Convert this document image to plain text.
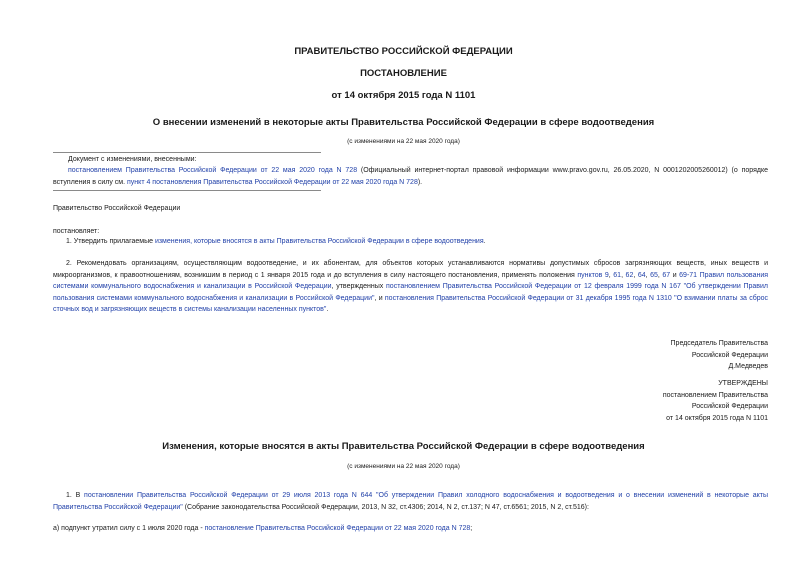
ПРАВИТЕЛЬСТВО РОССИЙСКОЙ ФЕДЕРАЦИИ
ПОСТАНОВЛЕНИЕ
от 14 октября 2015 года N 1101
О внесении изменений в некоторые акты Правительства Российской Федерации в сфере водоотведения
(с изменениями на 22 мая 2020 года)
Документ с изменениями, внесенными:
постановлением Правительства Российской Федерации от 22 мая 2020 года N 728 (Официальный интернет-портал правовой информации www.pravo.gov.ru, 26.05.2020, N 0001202005260012) (о порядке вступления в силу см. пункт 4 постановления Правительства Российской Федерации от 22 мая 2020 года N 728).
Правительство Российской Федерации
постановляет:
1. Утвердить прилагаемые изменения, которые вносятся в акты Правительства Российской Федерации в сфере водоотведения.
2. Рекомендовать организациям, осуществляющим водоотведение, и их абонентам, для объектов которых устанавливаются нормативы допустимых сбросов загрязняющих веществ, иных веществ и микроорганизмов, к правоотношениям, возникшим в период с 1 января 2015 года и до вступления в силу настоящего постановления, применять положения пунктов 9, 61, 62, 64, 65, 67 и 69-71 Правил пользования системами коммунального водоснабжения и канализации в Российской Федерации, утвержденных постановлением Правительства Российской Федерации от 12 февраля 1999 года N 167 "Об утверждении Правил пользования системами коммунального водоснабжения и канализации в Российской Федерации", и постановления Правительства Российской Федерации от 31 декабря 1995 года N 1310 "О взимании платы за сброс сточных вод и загрязняющих веществ в системы канализации населенных пунктов".
Председатель Правительства
Российской Федерации
Д.Медведев
УТВЕРЖДЕНЫ
постановлением Правительства
Российской Федерации
от 14 октября 2015 года N 1101
Изменения, которые вносятся в акты Правительства Российской Федерации в сфере водоотведения
(с изменениями на 22 мая 2020 года)
1. В постановлении Правительства Российской Федерации от 29 июля 2013 года N 644 "Об утверждении Правил холодного водоснабжения и водоотведения и о внесении изменений в некоторые акты Правительства Российской Федерации" (Собрание законодательства Российской Федерации, 2013, N 32, ст.4306; 2014, N 2, ст.137; N 47, ст.6561; 2015, N 2, ст.516):
а) подпункт утратил силу с 1 июля 2020 года - постановление Правительства Российской Федерации от 22 мая 2020 года N 728;
